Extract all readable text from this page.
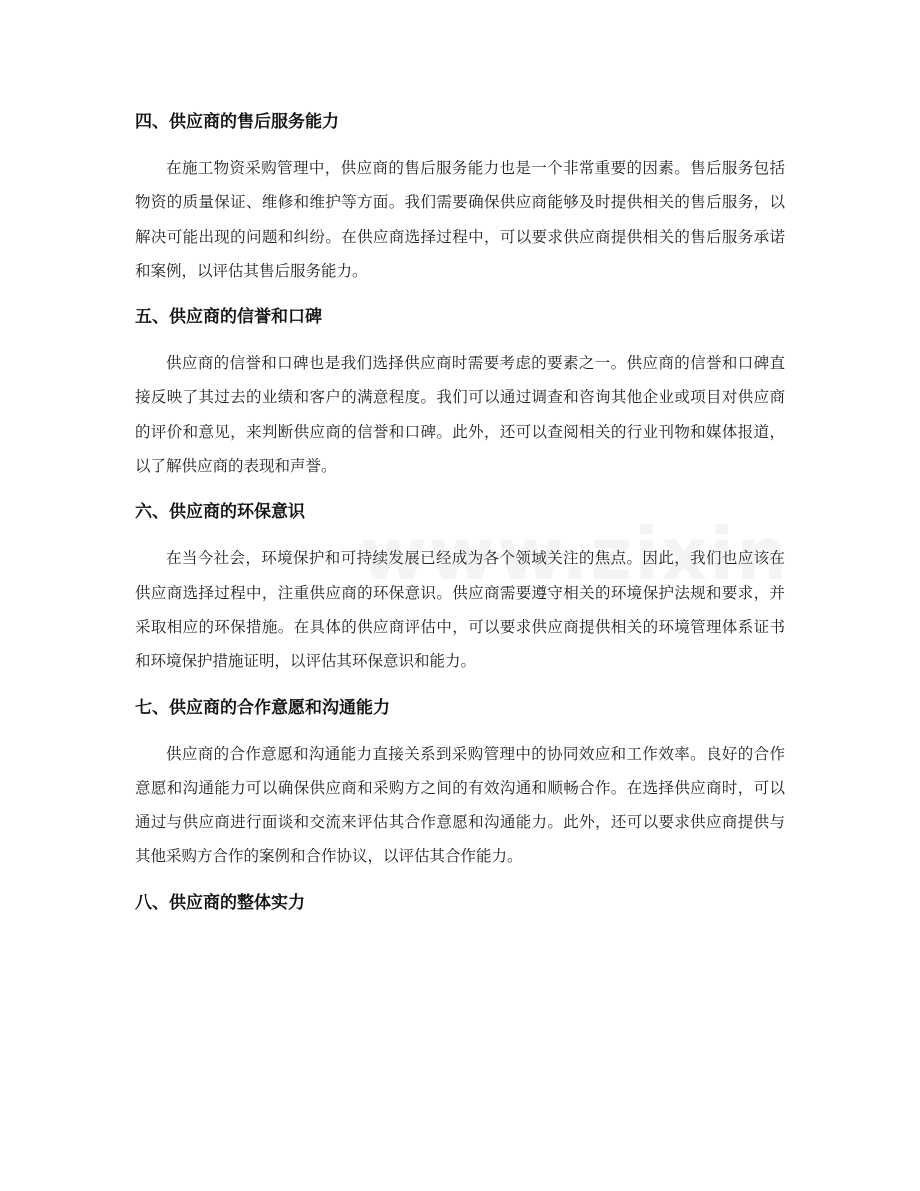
四、供应商的售后服务能力

在施工物资采购管理中，供应商的售后服务能力也是一个非常重要的因素。售后服务包括物资的质量保证、维修和维护等方面。我们需要确保供应商能够及时提供相关的售后服务，以解决可能出现的问题和纠纷。在供应商选择过程中，可以要求供应商提供相关的售后服务承诺和案例，以评估其售后服务能力。

五、供应商的信誉和口碑

供应商的信誉和口碑也是我们选择供应商时需要考虑的要素之一。供应商的信誉和口碑直接反映了其过去的业绩和客户的满意程度。我们可以通过调查和咨询其他企业或项目对供应商的评价和意见，来判断供应商的信誉和口碑。此外，还可以查阅相关的行业刊物和媒体报道，以了解供应商的表现和声誉。

六、供应商的环保意识

在当今社会，环境保护和可持续发展已经成为各个领域关注的焦点。因此，我们也应该在供应商选择过程中，注重供应商的环保意识。供应商需要遵守相关的环境保护法规和要求，并采取相应的环保措施。在具体的供应商评估中，可以要求供应商提供相关的环境管理体系证书和环境保护措施证明，以评估其环保意识和能力。

七、供应商的合作意愿和沟通能力

供应商的合作意愿和沟通能力直接关系到采购管理中的协同效应和工作效率。良好的合作意愿和沟通能力可以确保供应商和采购方之间的有效沟通和顺畅合作。在选择供应商时，可以通过与供应商进行面谈和交流来评估其合作意愿和沟通能力。此外，还可以要求供应商提供与其他采购方合作的案例和合作协议，以评估其合作能力。

八、供应商的整体实力
